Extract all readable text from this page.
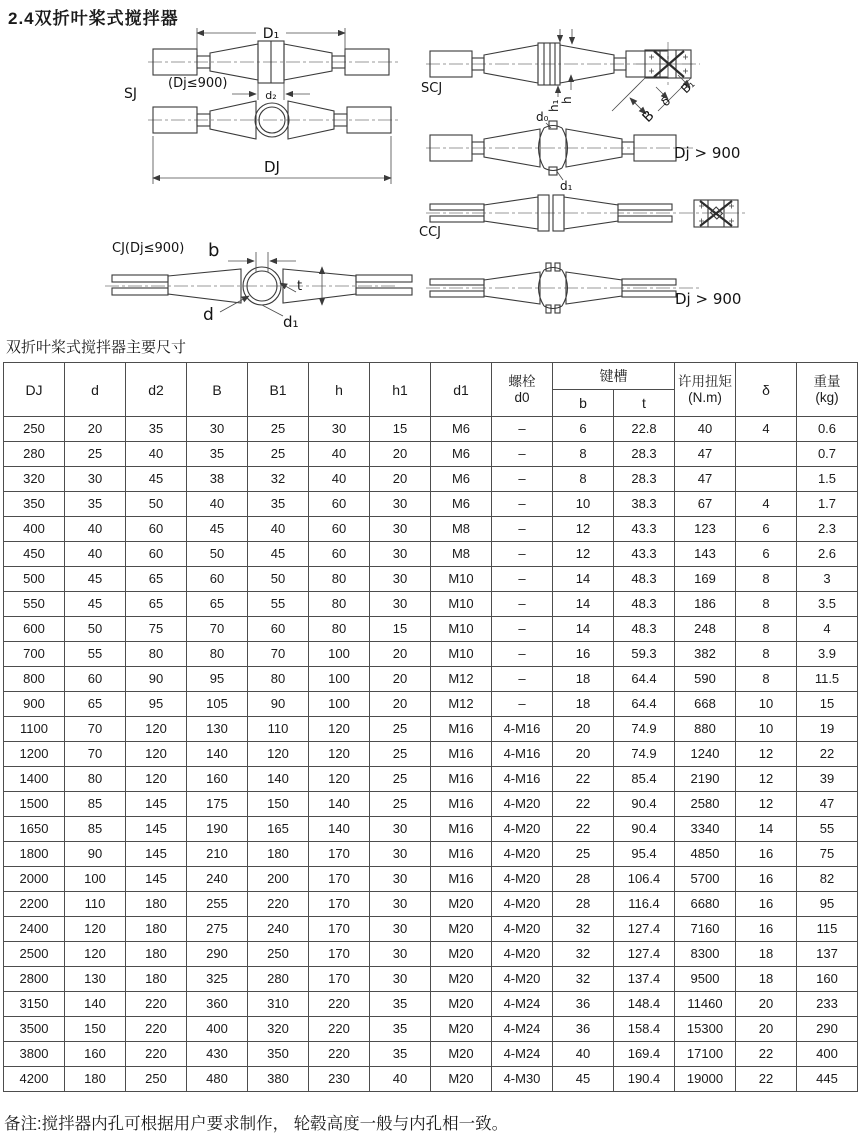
2.4双折叶桨式搅拌器
D₁
d₂
(Dj≤900)
SJ
DJ
CJ(Dj≤900) b
d	d₁
t
SCJ
h₁ h
d₀
d₁
B
δ
B₁
Dj > 900
CCJ
Dj > 900
双折叶桨式搅拌器主要尺寸
DJ	d	d2	B	B1	h	h1	d1	螺栓
d0	键槽		许用扭矩
(N.m)	δ	重量
(kg)

									b	t			
250	20	35	30	25	30	15	M6	–	6	22.8	40	4	0.6
280	25	40	35	25	40	20	M6	–	8	28.3	47		0.7
320	30	45	38	32	40	20	M6	–	8	28.3	47		1.5
350	35	50	40	35	60	30	M6	–	10	38.3	67	4	1.7
400	40	60	45	40	60	30	M8	–	12	43.3	123	6	2.3
450	40	60	50	45	60	30	M8	–	12	43.3	143	6	2.6
500	45	65	60	50	80	30	M10	–	14	48.3	169	8	3
550	45	65	65	55	80	30	M10	–	14	48.3	186	8	3.5
600	50	75	70	60	80	15	M10	–	14	48.3	248	8	4
700	55	80	80	70	100	20	M10	–	16	59.3	382	8	3.9
800	60	90	95	80	100	20	M12	–	18	64.4	590	8	11.5
900	65	95	105	90	100	20	M12	–	18	64.4	668	10	15
1100	70	120	130	110	120	25	M16	4-M16	20	74.9	880	10	19
1200	70	120	140	120	120	25	M16	4-M16	20	74.9	1240	12	22
1400	80	120	160	140	120	25	M16	4-M16	22	85.4	2190	12	39
1500	85	145	175	150	140	25	M16	4-M20	22	90.4	2580	12	47
1650	85	145	190	165	140	30	M16	4-M20	22	90.4	3340	14	55
1800	90	145	210	180	170	30	M16	4-M20	25	95.4	4850	16	75
2000	100	145	240	200	170	30	M16	4-M20	28	106.4	5700	16	82
2200	110	180	255	220	170	30	M20	4-M20	28	116.4	6680	16	95
2400	120	180	275	240	170	30	M20	4-M20	32	127.4	7160	16	115
2500	120	180	290	250	170	30	M20	4-M20	32	127.4	8300	18	137
2800	130	180	325	280	170	30	M20	4-M20	32	137.4	9500	18	160
3150	140	220	360	310	220	35	M20	4-M24	36	148.4	11460	20	233
3500	150	220	400	320	220	35	M20	4-M24	36	158.4	15300	20	290
3800	160	220	430	350	220	35	M20	4-M24	40	169.4	17100	22	400
4200	180	250	480	380	230	40	M20	4-M30	45	190.4	19000	22	445
备注:搅拌器内孔可根据用户要求制作， 轮毂高度一般与内孔相一致。
